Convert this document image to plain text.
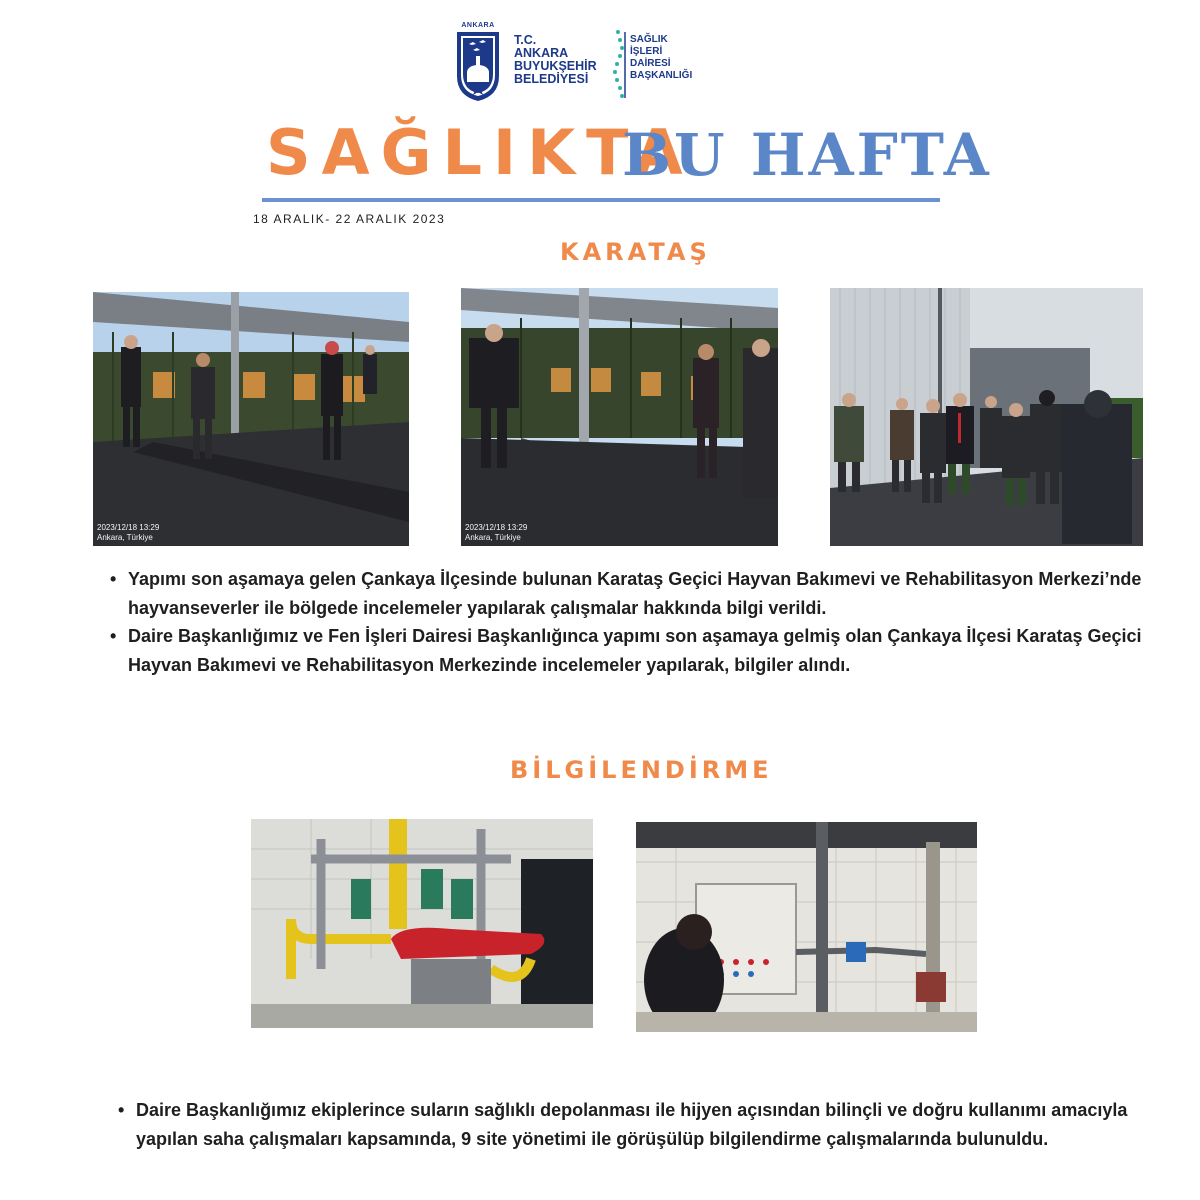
ANKARA
T.C.
ANKARA
BUYUKŞEHİR
BELEDİYESİ
SAĞLIK
İŞLERİ
DAİRESİ
BAŞKANLIĞI
SAĞLIKTA
BU HAFTA
18 ARALIK- 22 ARALIK 2023
KARATAŞ
2023/12/18 13:29
Ankara, Türkiye
2023/12/18 13:29
Ankara, Türkiye
• Yapımı son aşamaya gelen Çankaya İlçesinde bulunan Karataş Geçici Hayvan Bakımevi ve Rehabilitasyon Merkezi’nde hayvanseverler ile bölgede incelemeler yapılarak çalışmalar hakkında bilgi verildi.
• Daire Başkanlığımız ve Fen İşleri Dairesi Başkanlığınca yapımı son aşamaya gelmiş olan Çankaya İlçesi Karataş Geçici Hayvan Bakımevi ve Rehabilitasyon Merkezinde incelemeler yapılarak, bilgiler alındı.
BİLGİLENDİRME
• Daire Başkanlığımız ekiplerince suların sağlıklı depolanması ile hijyen açısından bilinçli ve doğru kullanımı amacıyla yapılan saha çalışmaları kapsamında, 9 site yönetimi ile görüşülüp bilgilendirme çalışmalarında bulunuldu.
